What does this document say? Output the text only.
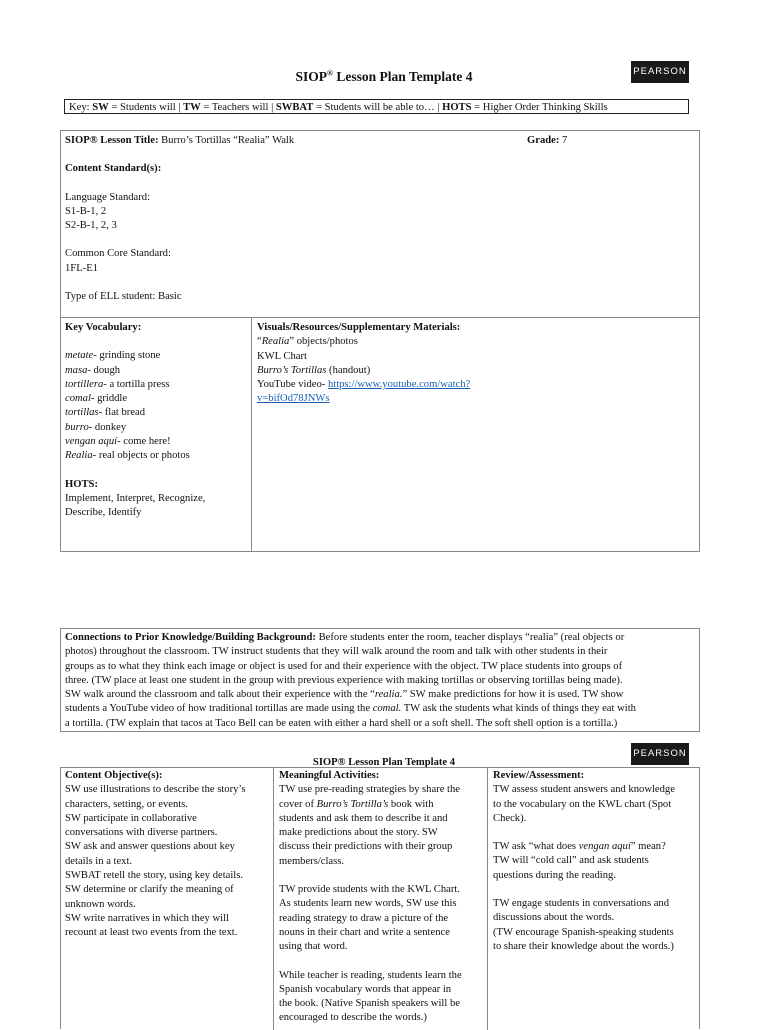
SIOP® Lesson Plan Template 4	PEARSON
Key: SW = Students will | TW = Teachers will | SWBAT = Students will be able to… | HOTS = Higher Order Thinking Skills
SIOP® Lesson Title: Burro’s Tortillas “Realia” Walk	Grade: 7
Content Standard(s):
Language Standard:
S1-B-1, 2
S2-B-1, 2, 3
Common Core Standard:
1FL-E1
Type of ELL student: Basic
Key Vocabulary:
metate- grinding stone
masa- dough
tortillera- a tortilla press
comal- griddle
tortillas- flat bread
burro- donkey
vengan aquí- come here!
Realia- real objects or photos
HOTS:
Implement, Interpret, Recognize,
Describe, Identify
Visuals/Resources/Supplementary Materials:
“Realia” objects/photos
KWL Chart
Burro’s Tortillas (handout)
YouTube video- https://www.youtube.com/watch?
v=bifOd78JNWs
Connections to Prior Knowledge/Building Background: Before students enter the room, teacher displays “realia” (real objects or
photos) throughout the classroom. TW instruct students that they will walk around the room and talk with other students in their
groups as to what they think each image or object is used for and their experience with the object. TW place students into groups of
three. (TW place at least one student in the group with previous experience with making tortillas or observing tortillas being made).
SW walk around the classroom and talk about their experience with the “realia.” SW make predictions for how it is used. TW show
students a YouTube video of how traditional tortillas are made using the comal. TW ask the students what kinds of things they eat with
a tortilla. (TW explain that tacos at Taco Bell can be eaten with either a hard shell or a soft shell. The soft shell option is a tortilla.)
SIOP® Lesson Plan Template 4
PEARSON
Content Objective(s):
SW use illustrations to describe the story’s
characters, setting, or events.
SW participate in collaborative
conversations with diverse partners.
SW ask and answer questions about key
details in a text.
SWBAT retell the story, using key details.
SW determine or clarify the meaning of
unknown words.
SW write narratives in which they will
recount at least two events from the text.
Meaningful Activities:
TW use pre-reading strategies by share the
cover of Burro’s Tortilla’s book with
students and ask them to describe it and
make predictions about the story. SW
discuss their predictions with their group
members/class.
TW provide students with the KWL Chart.
As students learn new words, SW use this
reading strategy to draw a picture of the
nouns in their chart and write a sentence
using that word.
While teacher is reading, students learn the
Spanish vocabulary words that appear in
the book. (Native Spanish speakers will be
encouraged to describe the words.)
Review/Assessment:
TW assess student answers and knowledge
to the vocabulary on the KWL chart (Spot
Check).
TW ask “what does vengan aquí” mean?
TW will “cold call” and ask students
questions during the reading.
TW engage students in conversations and
discussions about the words.
(TW encourage Spanish-speaking students
to share their knowledge about the words.)
